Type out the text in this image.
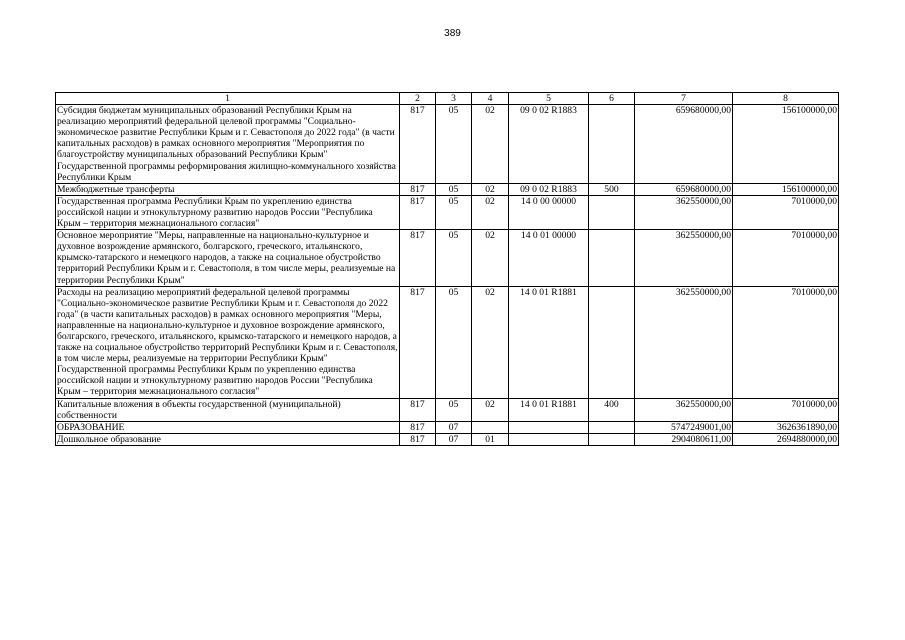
389
1	2	3	4	5	6	7	8
Субсидия бюджетам муниципальных образований Республики Крым на реализацию мероприятий федеральной целевой программы "Социально-экономическое развитие Республики Крым и г. Севастополя до 2022 года" (в части капитальных расходов) в рамках основного мероприятия "Мероприятия по благоустройству муниципальных образований Республики Крым" Государственной программы реформирования жилищно-коммунального хозяйства Республики Крым	817	05	02	09 0 02 R1883		659680000,00	156100000,00
Межбюджетные трансферты	817	05	02	09 0 02 R1883	500	659680000,00	156100000,00
Государственная программа Республики Крым по укреплению единства российской нации и этнокультурному развитию народов России "Республика Крым – территория межнационального согласия"	817	05	02	14 0 00 00000		362550000,00	7010000,00
Основное мероприятие "Меры, направленные на национально-культурное и духовное возрождение армянского, болгарского, греческого, итальянского, крымско-татарского и немецкого народов, а также на социальное обустройство территорий Республики Крым и г. Севастополя, в том числе меры, реализуемые на территории Республики Крым"	817	05	02	14 0 01 00000		362550000,00	7010000,00
Расходы на реализацию мероприятий федеральной целевой программы "Социально-экономическое развитие Республики Крым и г. Севастополя до 2022 года" (в части капитальных расходов) в рамках основного мероприятия "Меры, направленные на национально-культурное и духовное возрождение армянского, болгарского, греческого, итальянского, крымско-татарского и немецкого народов, а также на социальное обустройство территорий Республики Крым и г. Севастополя, в том числе меры, реализуемые на территории Республики Крым" Государственной программы Республики Крым по укреплению единства российской нации и этнокультурному развитию народов России "Республика Крым – территория межнационального согласия"	817	05	02	14 0 01 R1881		362550000,00	7010000,00
Капитальные вложения в объекты государственной (муниципальной) собственности	817	05	02	14 0 01 R1881	400	362550000,00	7010000,00
ОБРАЗОВАНИЕ	817	07				5747249001,00	3626361890,00
Дошкольное образование	817	07	01			2904080611,00	2694880000,00
